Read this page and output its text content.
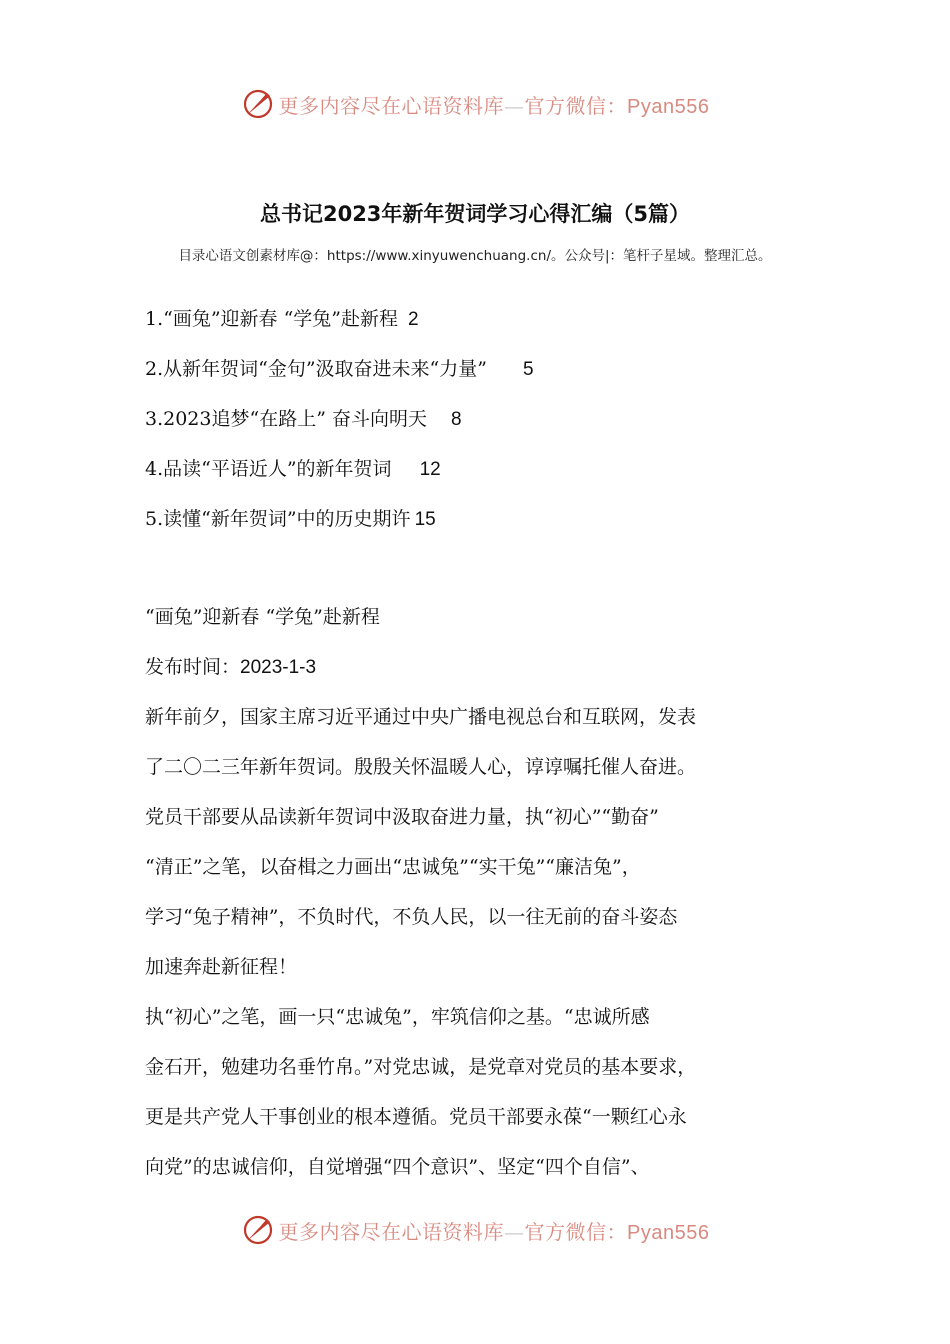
更多内容尽在心语资料库—官方微信：Pyan556
总书记2023年新年贺词学习心得汇编（5篇）
目录心语文创素材库@：https://www.xinyuwenchuang.cn/。公众号|：笔杆子星域。整理汇总。
1.“画兔”迎新春 “学兔”赴新程 2
2.从新年贺词“金句”汲取奋进未来“力量” 5
3.2023追梦“在路上” 奋斗向明天 8
4.品读“平语近人”的新年贺词 12
5.读懂“新年贺词”中的历史期许 15
“画兔”迎新春 “学兔”赴新程
发布时间：2023-1-3
新年前夕，国家主席习近平通过中央广播电视总台和互联网，发表
了二〇二三年新年贺词。殷殷关怀温暖人心，谆谆嘱托催人奋进。
党员干部要从品读新年贺词中汲取奋进力量，执“初心”“勤奋”
“清正”之笔，以奋楫之力画出“忠诚兔”“实干兔”“廉洁兔”，
学习“兔子精神”，不负时代，不负人民，以一往无前的奋斗姿态
加速奔赴新征程！
执“初心”之笔，画一只“忠诚兔”，牢筑信仰之基。“忠诚所感
金石开，勉建功名垂竹帛。”对党忠诚，是党章对党员的基本要求，
更是共产党人干事创业的根本遵循。党员干部要永葆“一颗红心永
向党”的忠诚信仰，自觉增强“四个意识”、坚定“四个自信”、
更多内容尽在心语资料库—官方微信：Pyan556
